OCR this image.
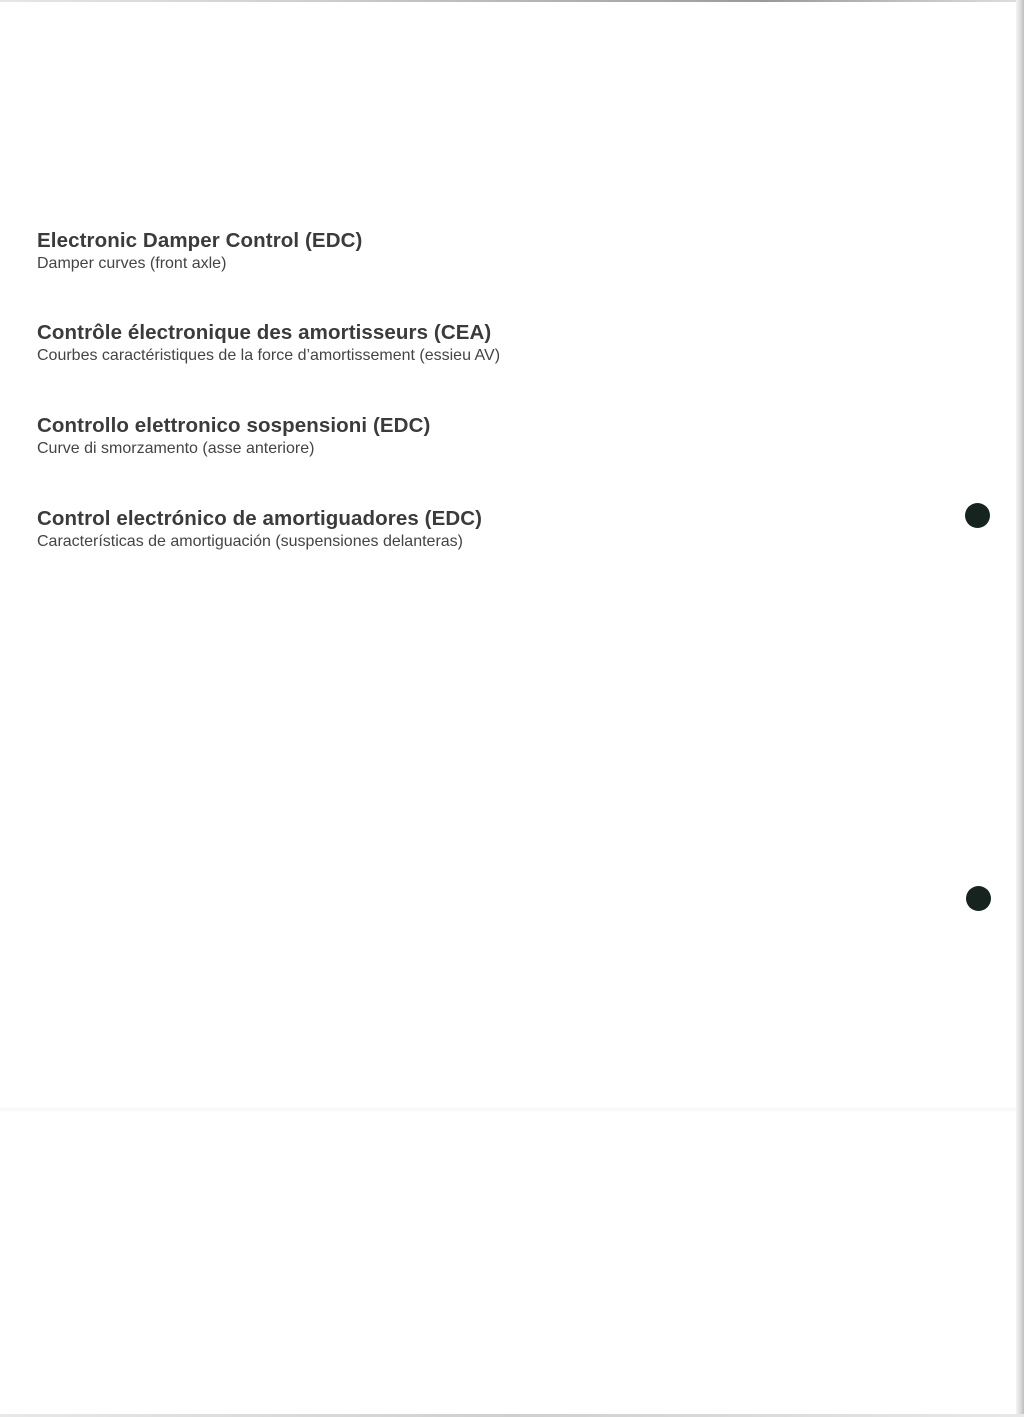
Electronic Damper Control (EDC)

Damper curves (front axle)

Contrôle électronique des amortisseurs (CEA)

Courbes caractéristiques de la force d’amortissement (essieu AV)

Controllo elettronico sospensioni (EDC)

Curve di smorzamento (asse anteriore)

Control electrónico de amortiguadores (EDC)

Características de amortiguación (suspensiones delanteras)
